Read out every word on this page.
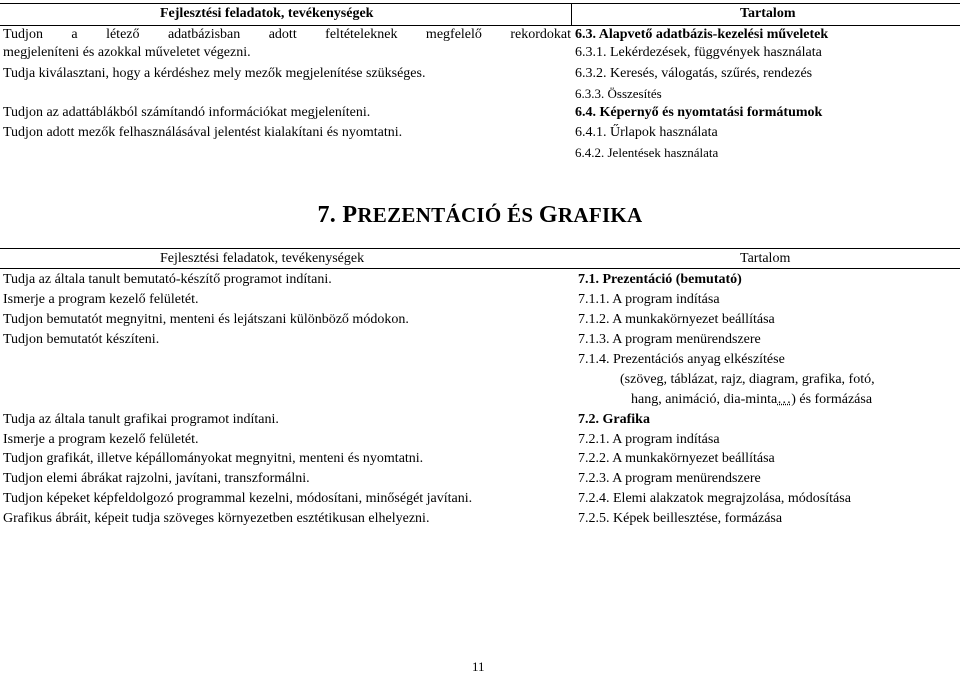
Fejlesztési feladatok, tevékenységek	Tartalom
Tudjon a létező adatbázisban adott feltételeknek megfelelő rekordokat
megjeleníteni és azokkal műveletet végezni.
Tudja kiválasztani, hogy a kérdéshez mely mezők megjelenítése szükséges.
Tudjon az adattáblákból számítandó információkat megjeleníteni.
Tudjon adott mezők felhasználásával jelentést kialakítani és nyomtatni.
6.3. Alapvető adatbázis-kezelési műveletek
6.3.1. Lekérdezések, függvények használata
6.3.2. Keresés, válogatás, szűrés, rendezés
6.3.3. Összesítés
6.4. Képernyő és nyomtatási formátumok
6.4.1. Űrlapok használata
6.4.2. Jelentések használata
7. PREZENTÁCIÓ ÉS GRAFIKA
Fejlesztési feladatok, tevékenységek	Tartalom
Tudja az általa tanult bemutató-készítő programot indítani.
Ismerje a program kezelő felületét.
Tudjon bemutatót megnyitni, menteni és lejátszani különböző módokon.
Tudjon bemutatót készíteni.
Tudja az általa tanult grafikai programot indítani.
Ismerje a program kezelő felületét.
Tudjon grafikát, illetve képállományokat megnyitni, menteni és nyomtatni.
Tudjon elemi ábrákat rajzolni, javítani, transzformálni.
Tudjon képeket képfeldolgozó programmal kezelni, módosítani, minőségét javítani.
Grafikus ábráit, képeit tudja szöveges környezetben esztétikusan elhelyezni.
7.1. Prezentáció (bemutató)
7.1.1. A program indítása
7.1.2. A munkakörnyezet beállítása
7.1.3. A program menürendszere
7.1.4. Prezentációs anyag elkészítése
(szöveg, táblázat, rajz, diagram, grafika, fotó,
hang, animáció, dia-minta…) és formázása
7.2. Grafika
7.2.1. A program indítása
7.2.2. A munkakörnyezet beállítása
7.2.3. A program menürendszere
7.2.4. Elemi alakzatok megrajzolása, módosítása
7.2.5. Képek beillesztése, formázása
11
